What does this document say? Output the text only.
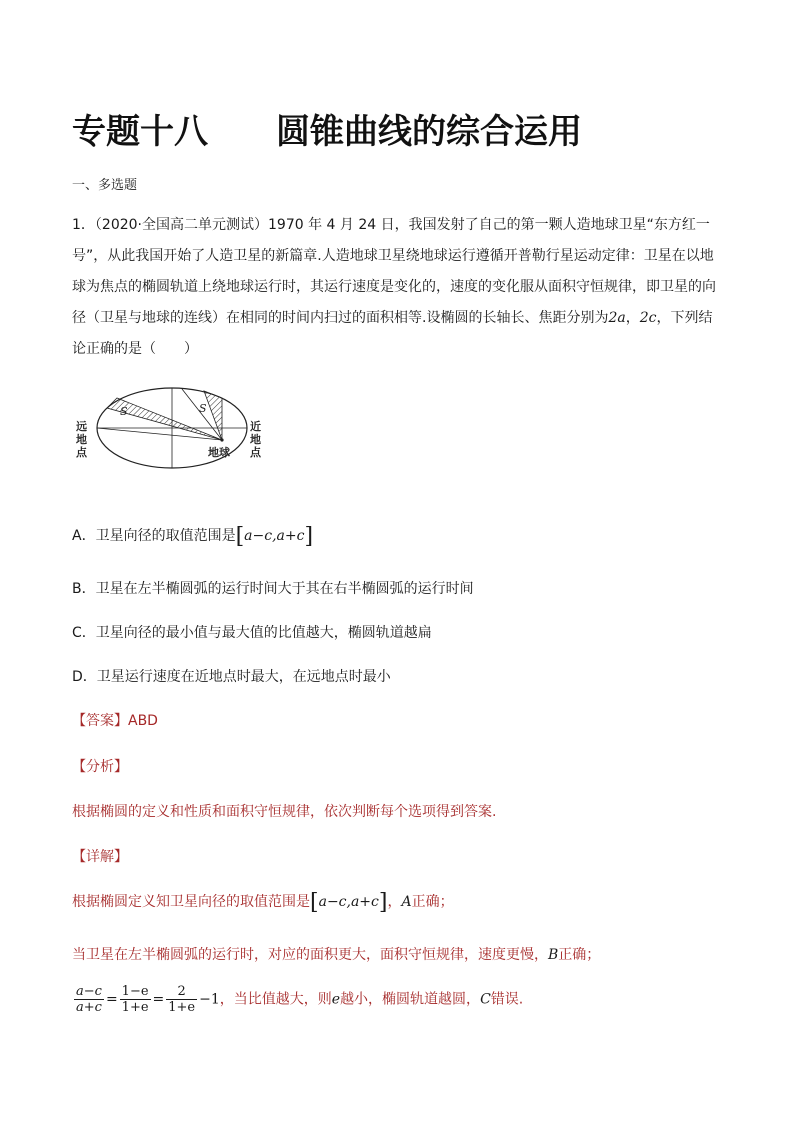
专题十八　　圆锥曲线的综合运用
一、多选题
1．（2020·全国高二单元测试）1970 年 4 月 24 日，我国发射了自己的第一颗人造地球卫星“东方红一号”，从此我国开始了人造卫星的新篇章.人造地球卫星绕地球运行遵循开普勒行星运动定律：卫星在以地球为焦点的椭圆轨道上绕地球运行时，其运行速度是变化的，速度的变化服从面积守恒规律，即卫星的向径（卫星与地球的连线）在相同的时间内扫过的面积相等.设椭圆的长轴长、焦距分别为2a，2c，下列结论正确的是（　　）
S	S
远地点
近地点
地球
A．卫星向径的取值范围是[a−c,a+c]
B．卫星在左半椭圆弧的运行时间大于其在右半椭圆弧的运行时间
C．卫星向径的最小值与最大值的比值越大，椭圆轨道越扁
D．卫星运行速度在近地点时最大，在远地点时最小
【答案】ABD
【分析】
根据椭圆的定义和性质和面积守恒规律，依次判断每个选项得到答案.
【详解】
根据椭圆定义知卫星向径的取值范围是[a−c,a+c]，A正确；
当卫星在左半椭圆弧的运行时，对应的面积更大，面积守恒规律，速度更慢，B正确；
$\frac{a-c}{a+c} = \frac{1-e}{1+e} = \frac{2}{1+e} -1$，当比值越大，则e越小，椭圆轨道越圆，C错误.
